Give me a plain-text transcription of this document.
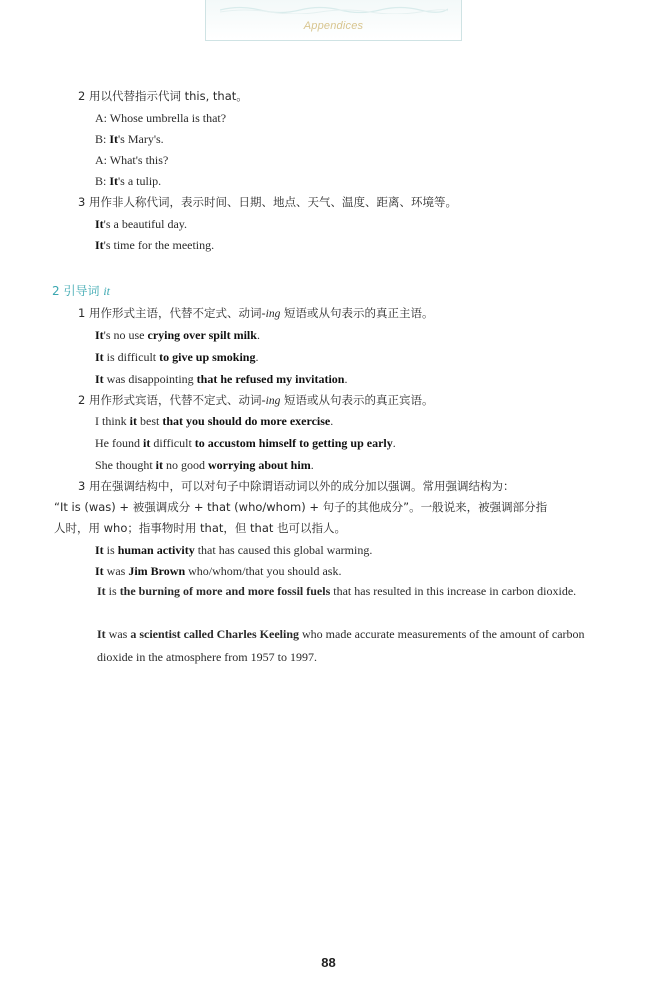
Appendices
2 用以代替指示代词 this, that。
A: Whose umbrella is that?
B: It's Mary's.
A: What's this?
B: It's a tulip.
3 用作非人称代词，表示时间、日期、地点、天气、温度、距离、环境等。
It's a beautiful day.
It's time for the meeting.
2 引导词 it
1 用作形式主语，代替不定式、动词-ing 短语或从句表示的真正主语。
It's no use crying over spilt milk.
It is difficult to give up smoking.
It was disappointing that he refused my invitation.
2 用作形式宾语，代替不定式、动词-ing 短语或从句表示的真正宾语。
I think it best that you should do more exercise.
He found it difficult to accustom himself to getting up early.
She thought it no good worrying about him.
3 用在强调结构中，可以对句子中除谓语动词以外的成分加以强调。常用强调结构为：
“It is (was) + 被强调成分 + that (who/whom) + 句子的其他成分”。一般说来，被强调部分指
人时，用 who；指事物时用 that，但 that 也可以指人。
It is human activity that has caused this global warming.
It was Jim Brown who/whom/that you should ask.
It is the burning of more and more fossil fuels that has resulted in this increase in carbon dioxide.
It was a scientist called Charles Keeling who made accurate measurements of the amount of carbon dioxide in the atmosphere from 1957 to 1997.
88
